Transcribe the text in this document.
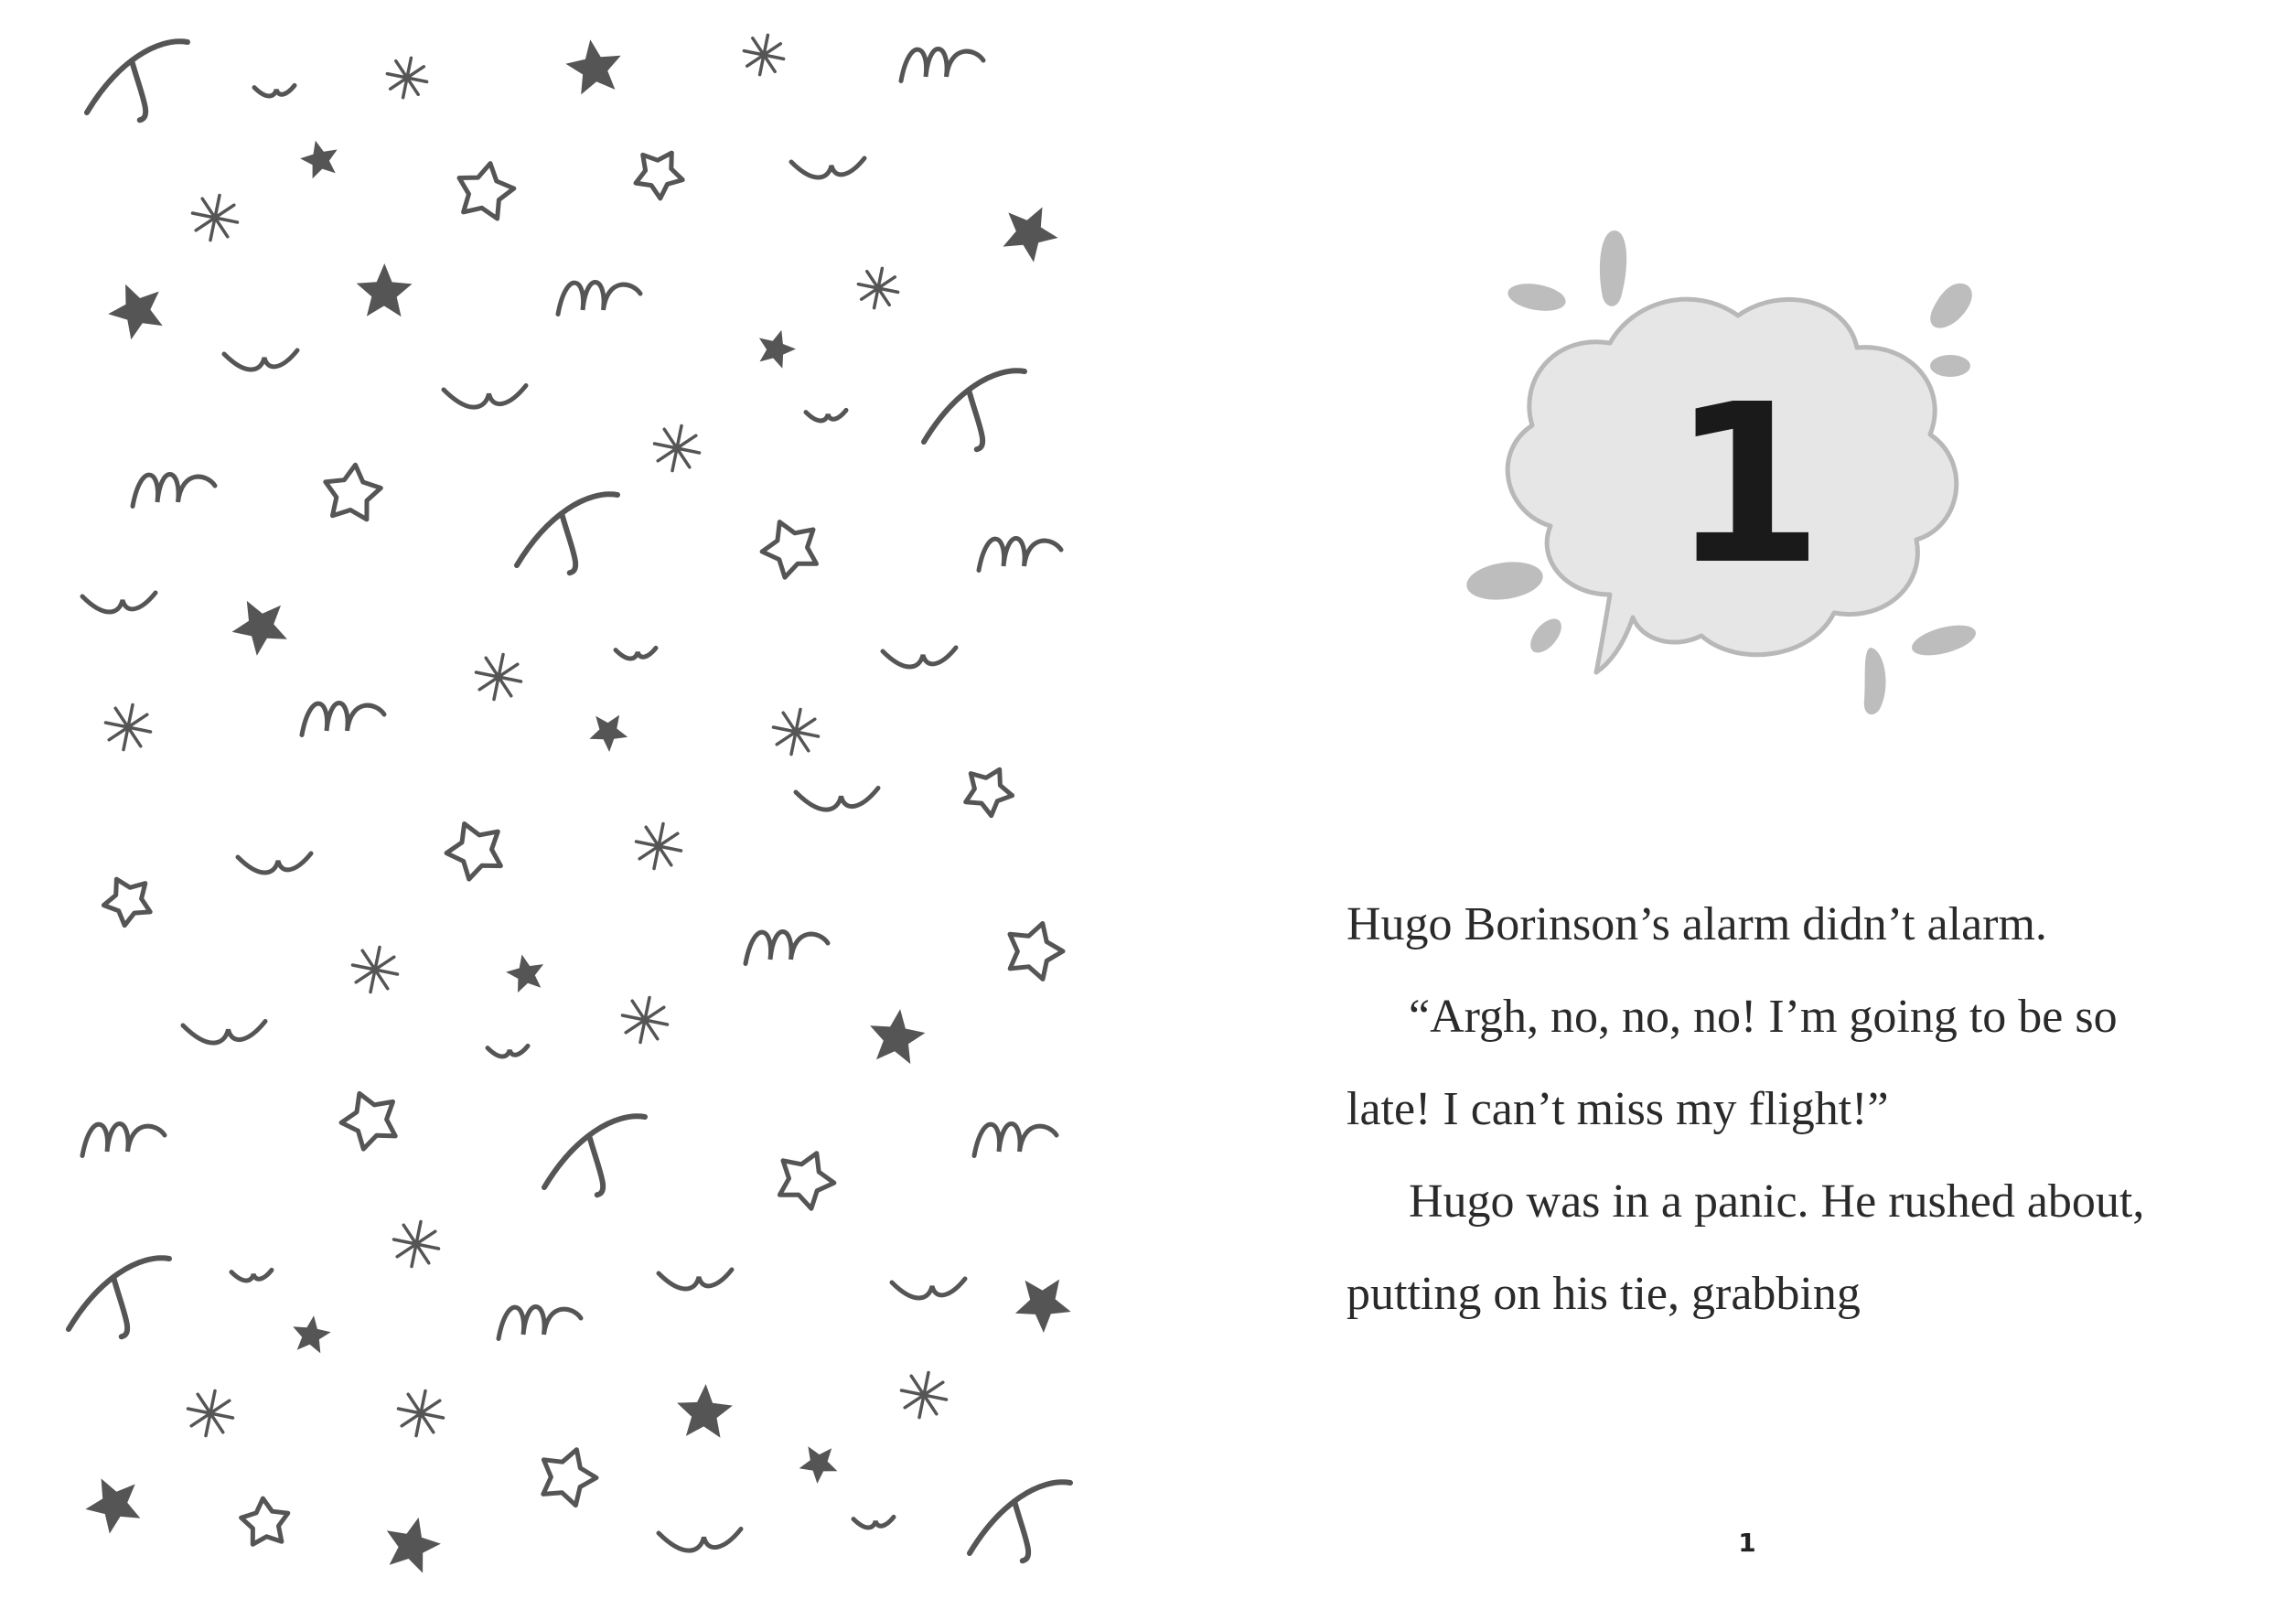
1

Hugo Borinson’s alarm didn’t alarm.

“Argh, no, no, no! I’m going to be so late! I can’t miss my flight!”

Hugo was in a panic. He rushed about, putting on his tie, grabbing

1
